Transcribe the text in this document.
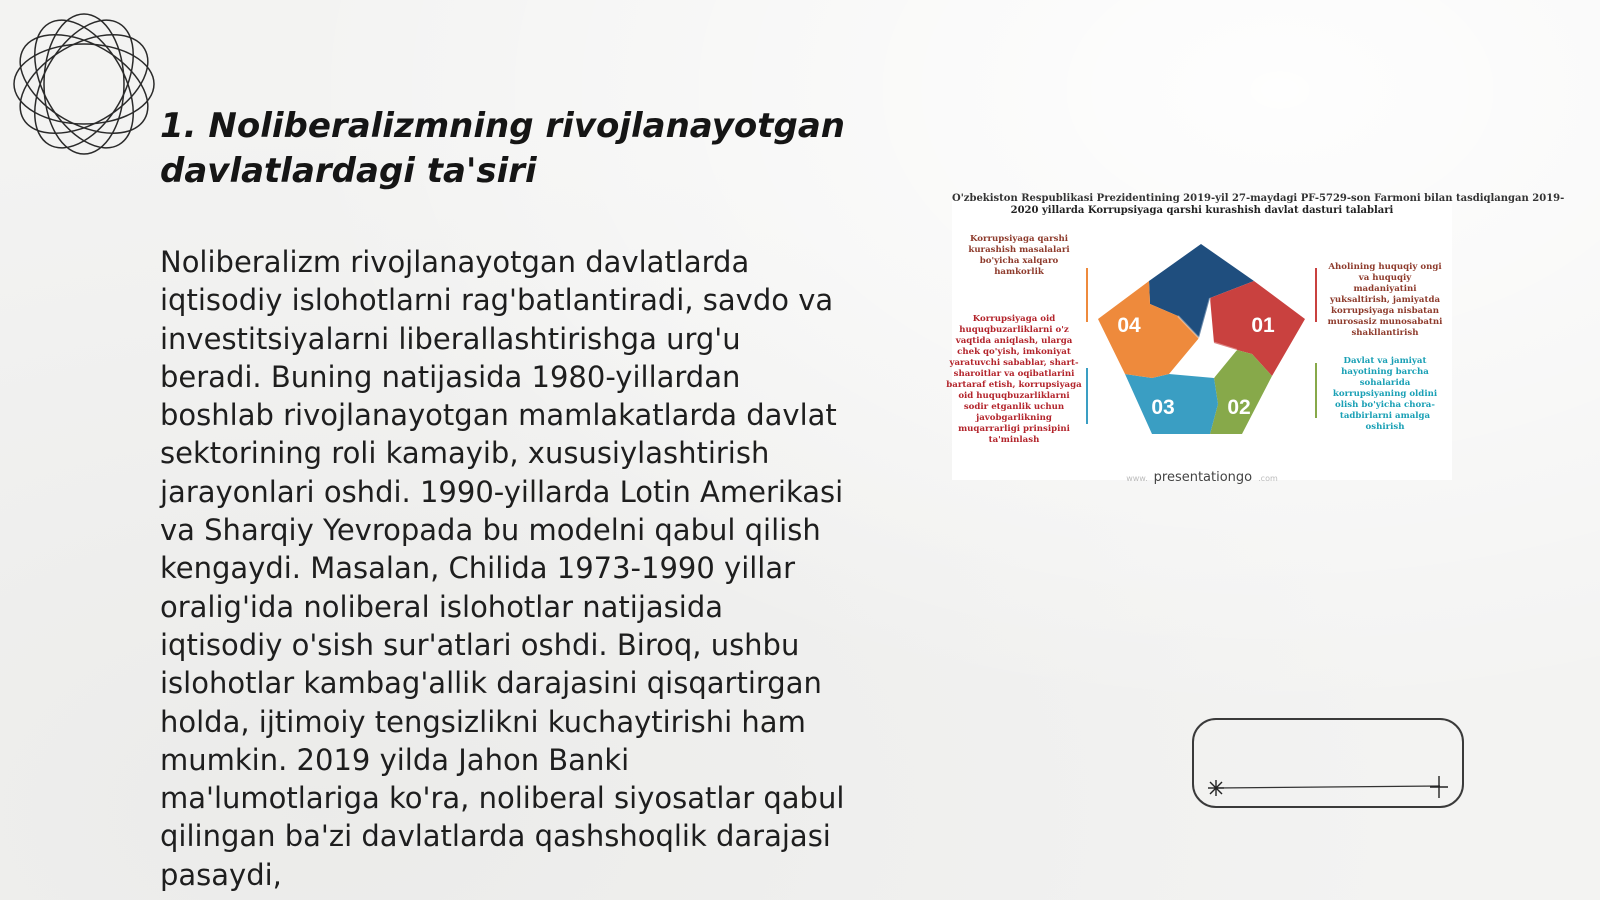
1. Noliberalizmning rivojlanayotgan davlatlardagi ta'siri

Noliberalizm rivojlanayotgan davlatlarda iqtisodiy islohotlarni rag'batlantiradi, savdo va investitsiyalarni liberallashtirishga urg'u beradi. Buning natijasida 1980-yillardan boshlab rivojlanayotgan mamlakatlarda davlat sektorining roli kamayib, xususiylashtirish jarayonlari oshdi. 1990-yillarda Lotin Amerikasi va Sharqiy Yevropada bu modelni qabul qilish kengaydi. Masalan, Chilida 1973-1990 yillar oralig'ida noliberal islohotlar natijasida iqtisodiy o'sish sur'atlari oshdi. Biroq, ushbu islohotlar kambag'allik darajasini qisqartirgan holda, ijtimoiy tengsizlikni kuchaytirishi ham mumkin. 2019 yilda Jahon Banki ma'lumotlariga ko'ra, noliberal siyosatlar qabul qilingan ba'zi davlatlarda qashshoqlik darajasi pasaydi,

O'zbekiston Respublikasi Prezidentining 2019-yil 27-maydagi PF-5729-son Farmoni bilan tasdiqlangan 2019-
2020 yillarda Korrupsiyaga qarshi kurashish davlat dasturi talablari
04	01
03	02
Korrupsiyaga qarshi kurashish masalalari bo'yicha xalqaro hamkorlik
Korrupsiyaga oid huquqbuzarliklarni o'z vaqtida aniqlash, ularga chek qo'yish, imkoniyat yaratuvchi sabablar, shart-sharoitlar va oqibatlarini bartaraf etish, korrupsiyaga oid huquqbuzarliklarni sodir etganlik uchun javobgarlikning muqarrarligi prinsipini ta'minlash
Aholining huquqiy ongi va huquqiy madaniyatini yuksaltirish, jamiyatda korrupsiyaga nisbatan murosasiz munosabatni shakllantirish
Davlat va jamiyat hayotining barcha sohalarida korrupsiyaning oldini olish bo'yicha chora-tadbirlarni amalga oshirish
www. presentationgo .com
